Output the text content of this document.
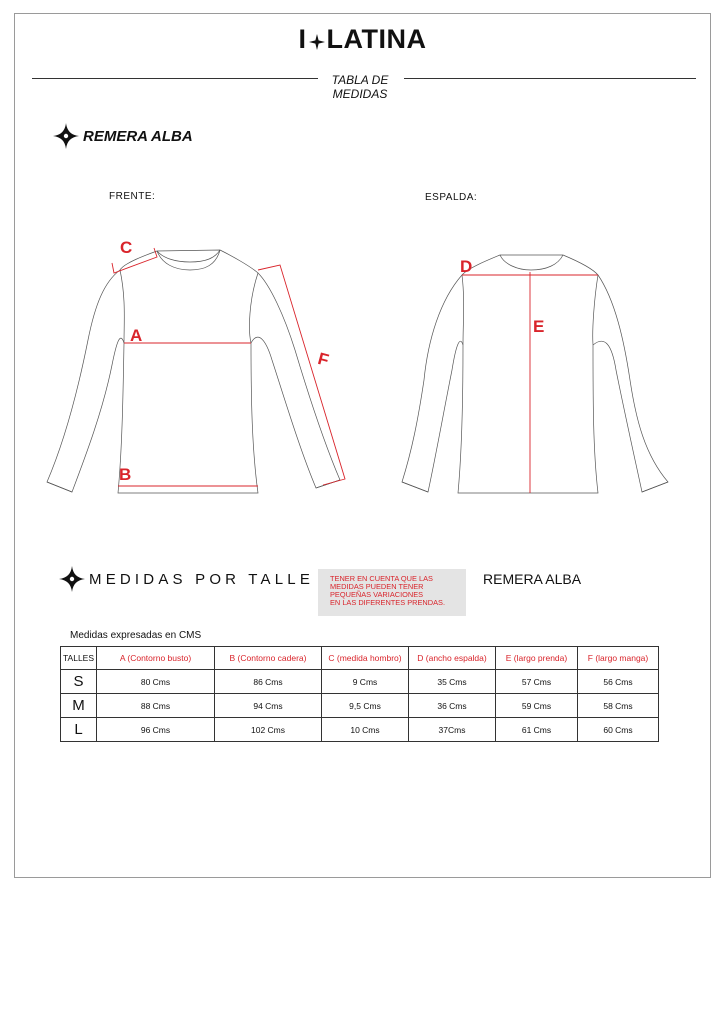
I LATINA
TABLA DE
MEDIDAS
REMERA ALBA
FRENTE:	ESPALDA:
A
B
C
F
D
E
MEDIDAS POR TALLE	TENER EN CUENTA QUE LAS
MEDIDAS PUEDEN TENER
PEQUEÑAS VARIACIONES
EN LAS DIFERENTES PRENDAS.
REMERA ALBA
Medidas expresadas en CMS
TALLES	A (Contorno busto)	B (Contorno cadera)	C (medida hombro)	D (ancho espalda)	E (largo prenda)	F (largo manga)
S	80 Cms	86 Cms	9 Cms	35 Cms	57 Cms	56 Cms
M	88 Cms	94 Cms	9,5 Cms	36 Cms	59 Cms	58 Cms
L	96 Cms	102 Cms	10 Cms	37Cms	61 Cms	60 Cms
